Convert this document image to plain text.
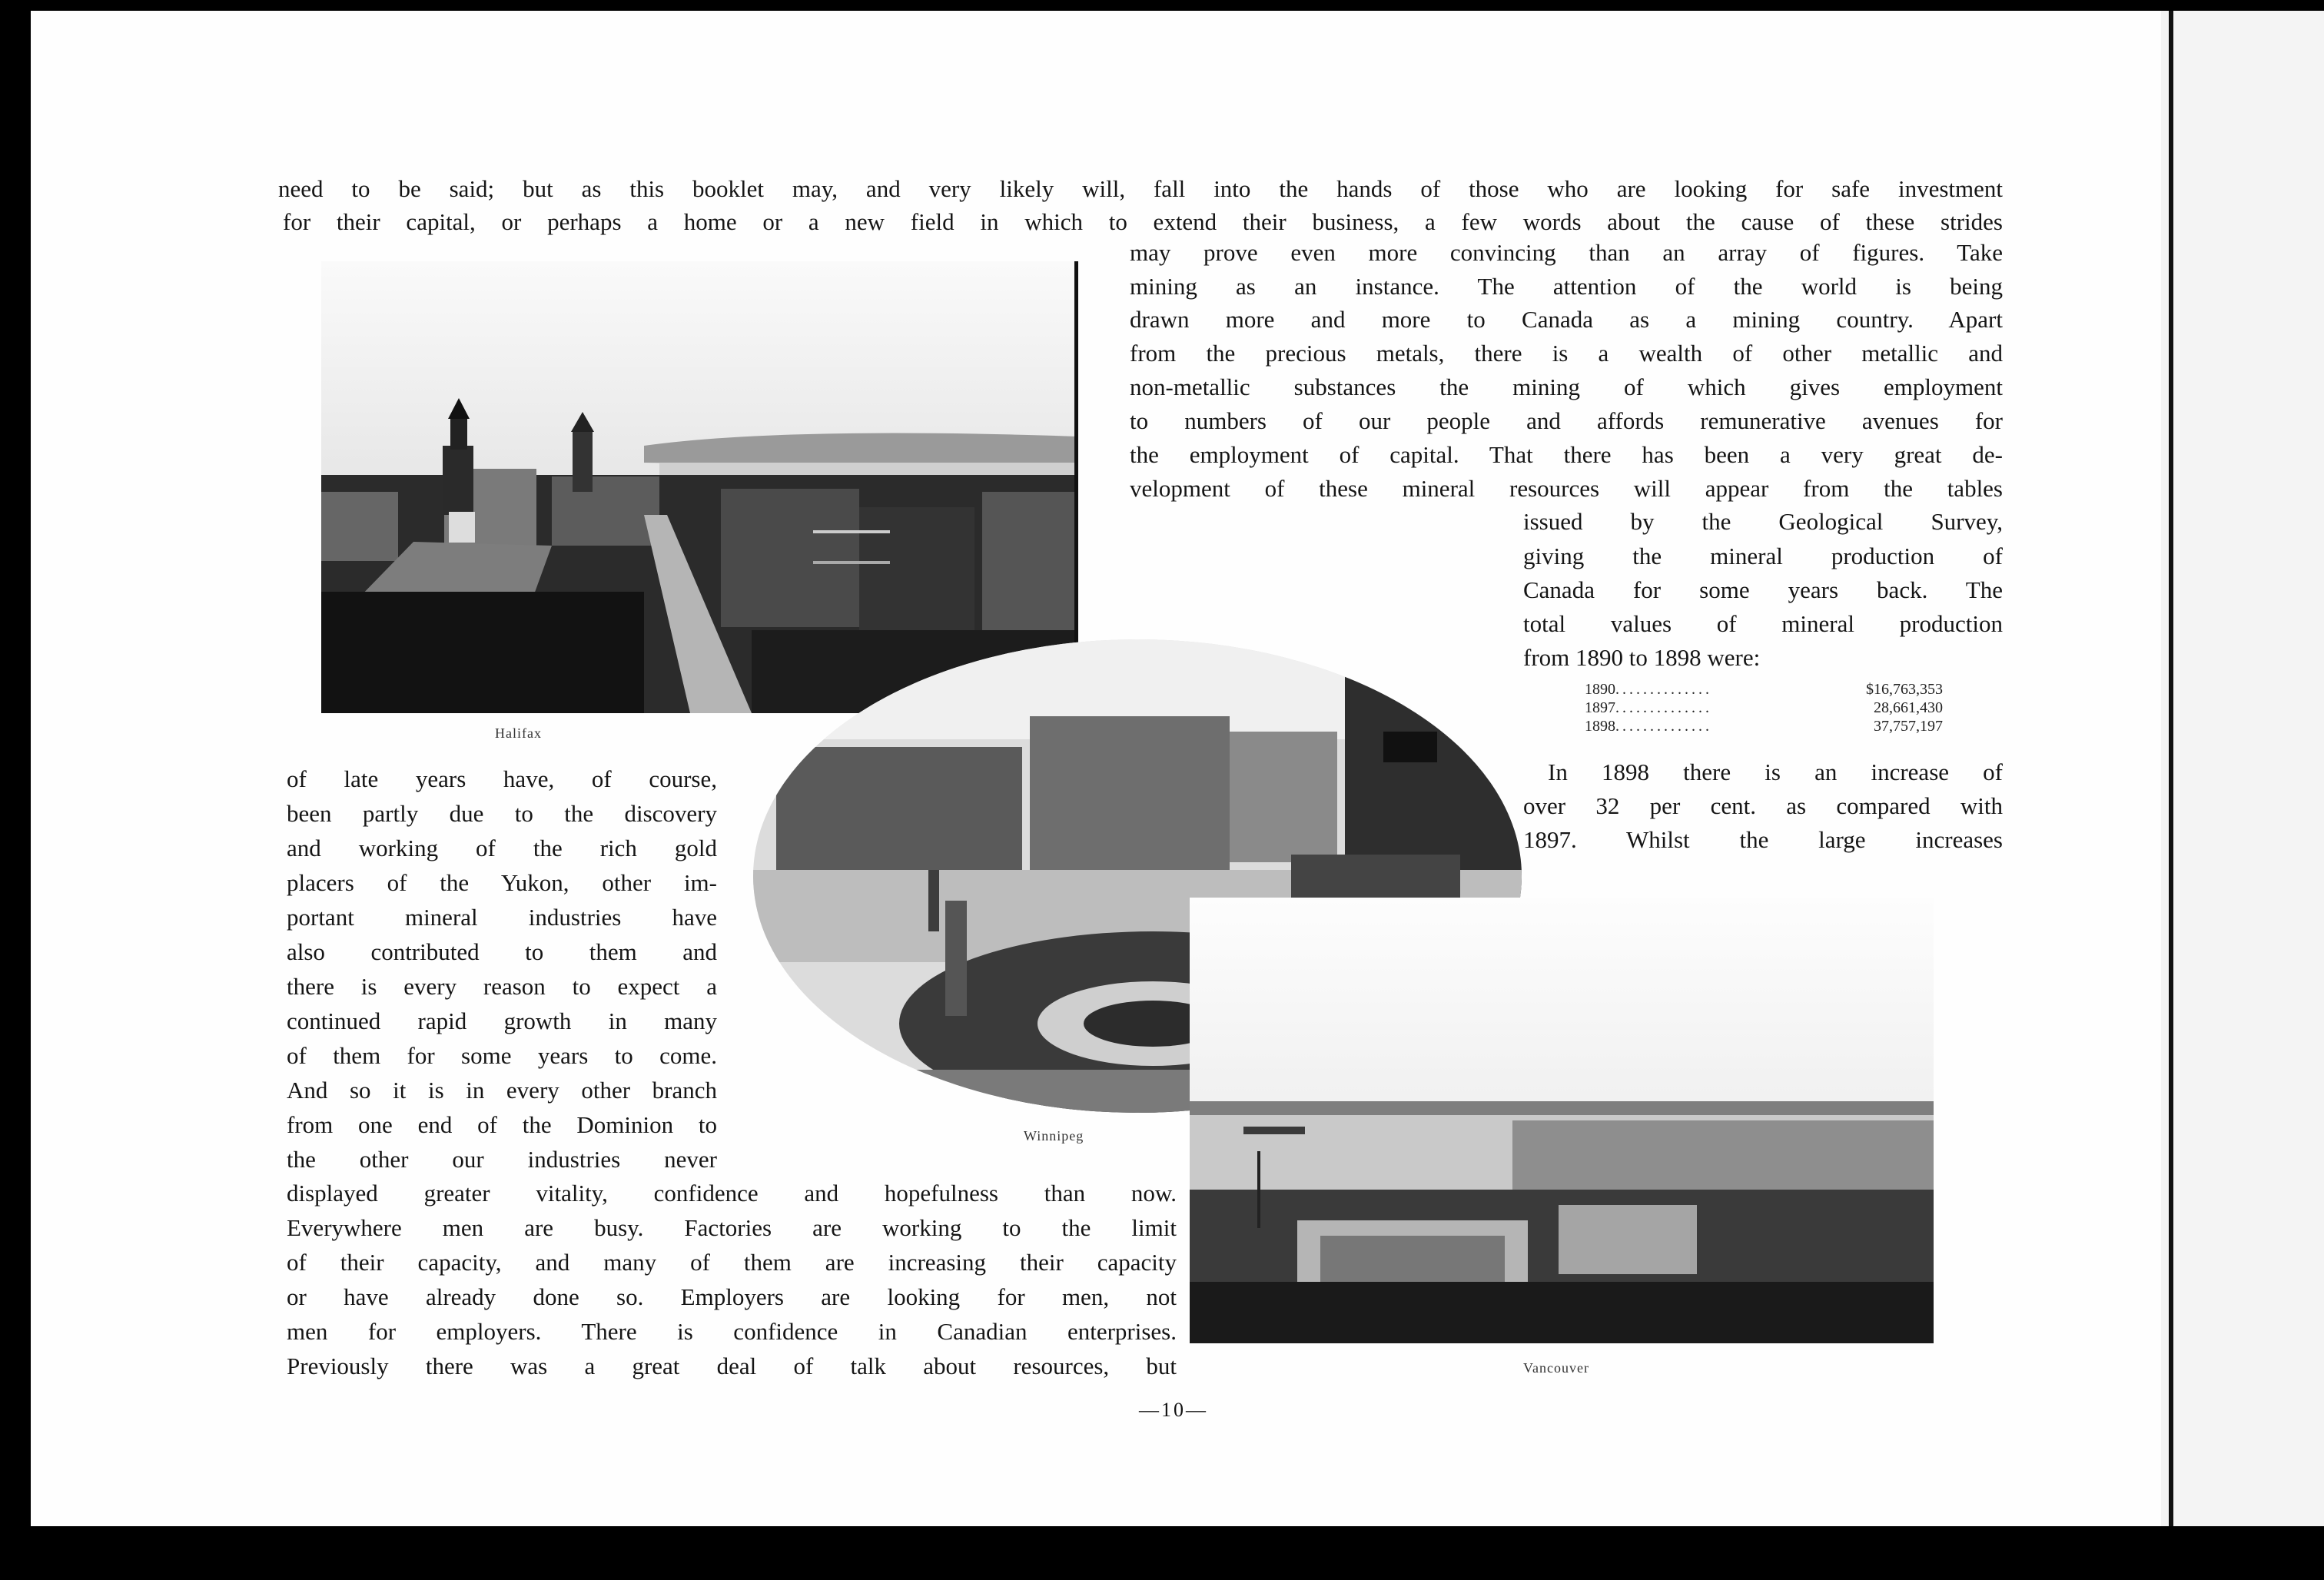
need to be said; but as this booklet may, and very likely will, fall into the hands of those who are looking for safe investment
for their capital, or perhaps a home or a new field in which to extend their business, a few words about the cause of these strides
may prove even more convincing than an array of figures. Take
mining as an instance. The attention of the world is being
drawn more and more to Canada as a mining country. Apart
from the precious metals, there is a wealth of other metallic and
non-metallic substances the mining of which gives employment
to numbers of our people and affords remunerative avenues for
the employment of capital. That there has been a very great de-
velopment of these mineral resources will appear from the tables
issued by the Geological Survey,
giving the mineral production of
Canada for some years back. The
total values of mineral production
from 1890 to 1898 were:
1890 ..............	$16,763,353
1897 ..............	28,661,430
1898 ..............	37,757,197
In 1898 there is an increase of
over 32 per cent. as compared with
1897. Whilst the large increases
of late years have, of course,
been partly due to the discovery
and working of the rich gold
placers of the Yukon, other im-
portant mineral industries have
also contributed to them and
there is every reason to expect a
continued rapid growth in many
of them for some years to come.
And so it is in every other branch
from one end of the Dominion to
the other our industries never
displayed greater vitality, confidence and hopefulness than now.
Everywhere men are busy. Factories are working to the limit
of their capacity, and many of them are increasing their capacity
or have already done so. Employers are looking for men, not
men for employers. There is confidence in Canadian enterprises.
Previously there was a great deal of talk about resources, but
Halifax
Winnipeg
Vancouver
—10—
